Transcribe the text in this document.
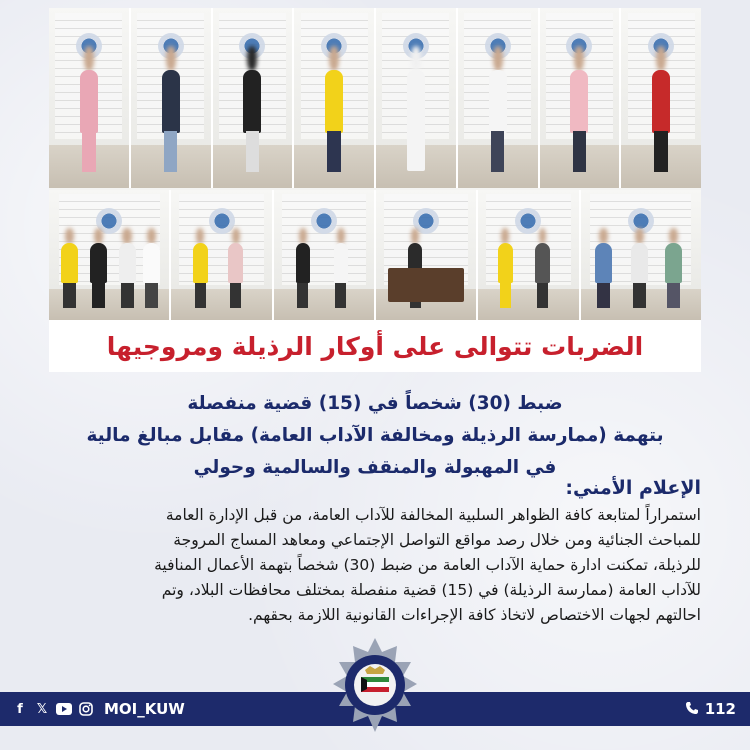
الضربات تتوالى على أوكار الرذيلة ومروجيها
ضبط (30) شخصاً في (15) قضية منفصلة
بتهمة (ممارسة الرذيلة ومخالفة الآداب العامة) مقابل مبالغ مالية
في المهبولة والمنقف والسالمية وحولي
الإعلام الأمني:
استمراراً لمتابعة كافة الظواهر السلبية المخالفة للآداب العامة، من قبل الإدارة العامة
للمباحث الجنائية ومن خلال رصد مواقع التواصل الإجتماعي ومعاهد المساج المروجة
للرذيلة، تمكنت ادارة حماية الآداب العامة من ضبط (30) شخصاً بتهمة الأعمال المنافية
للآداب العامة (ممارسة الرذيلة) في (15) قضية منفصلة بمختلف محافظات البلاد، وتم
احالتهم لجهات الاختصاص لاتخاذ كافة الإجراءات القانونية اللازمة بحقهم.
f	𝕏	MOI_KUW	112
